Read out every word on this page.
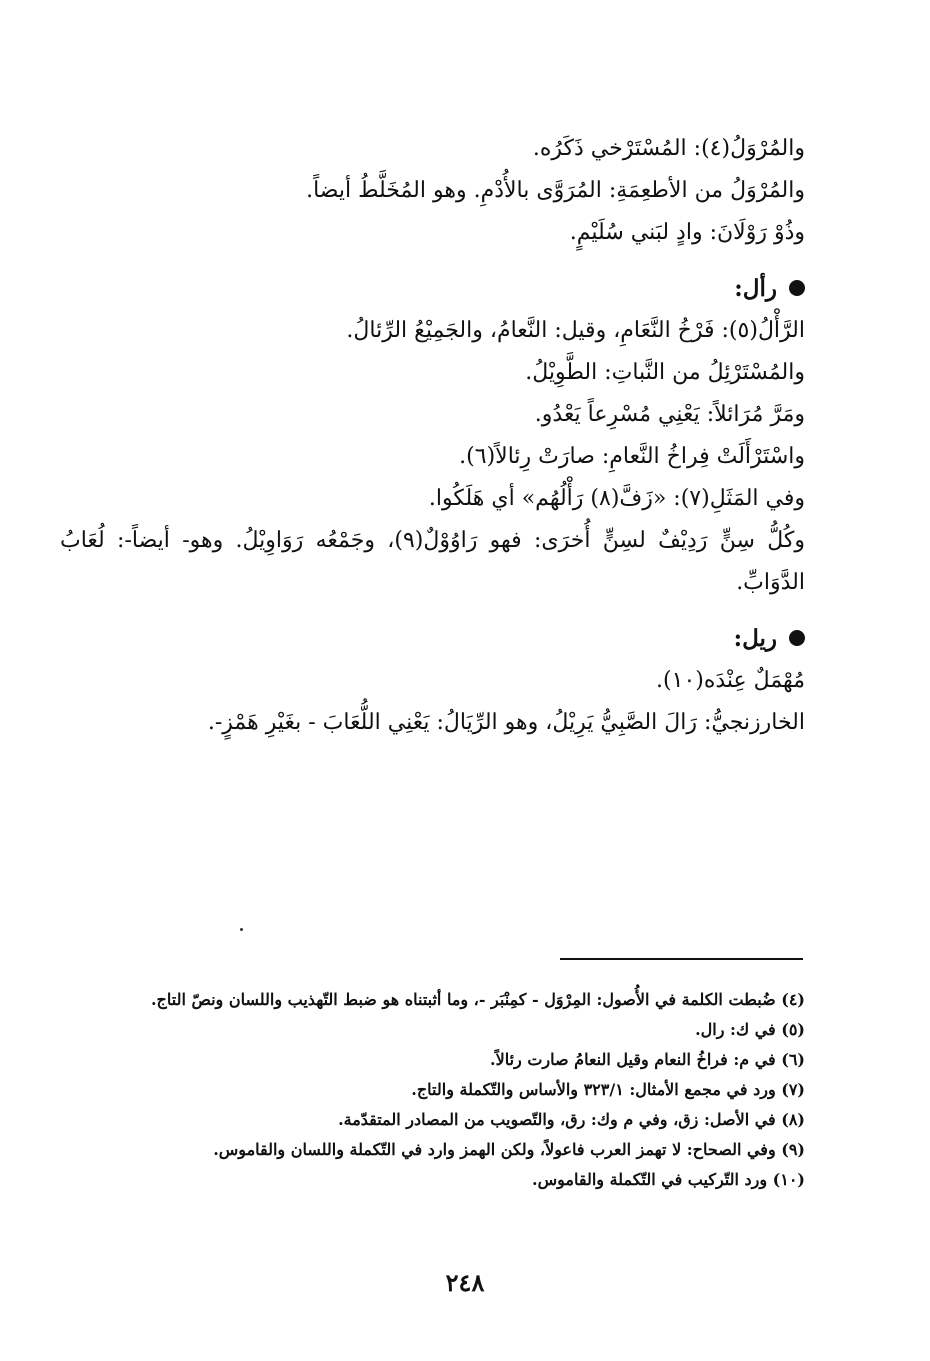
والمُرْوَلُ(٤): المُسْتَرْخي ذَكَرُه.

والمُرْوَلُ من الأطعِمَةِ: المُرَوَّى بالأُدْمِ. وهو المُخَلَّطُ أيضاً.

وذُوْ رَوْلَانَ: وادٍ لبَني سُلَيْمٍ.

رأل:

الرَّأْلُ(٥): فَرْخُ النَّعَامِ، وقيل: النَّعامُ، والجَمِيْعُ الرِّئالُ.

والمُسْتَرْئِلُ من النَّباتِ: الطَّوِيْلُ.

ومَرَّ مُرَائلاً: يَعْنِي مُسْرِعاً يَعْدُو.

واسْتَرْأَلَتْ فِراخُ النَّعامِ: صارَتْ رِئالاً(٦).

وفي المَثَلِ(٧): «زَفَّ(٨) رَأْلُهُم» أي هَلَكُوا.

وكُلُّ سِنٍّ رَدِيْفٌ لسِنٍّ أُخرَى: فهو رَاوُوْلٌ(٩)، وجَمْعُه رَوَاوِيْلُ. وهو- أيضاً-: لُعَابُ الدَّوَابِّ.

ريل:

مُهْمَلٌ عِنْدَه(١٠).

الخارزنجيُّ: رَالَ الصَّبِيُّ يَرِيْلُ، وهو الرِّيَالُ: يَعْنِي اللُّعَابَ - بغَيْرِ هَمْزٍ-.

(٤) ضُبطت الكلمة في الأُصول: المِرْوَل - كمِنْبَر -، وما أثبتناه هو ضبط التّهذيب واللسان ونصّ التاج.

(٥) في ك: رال.

(٦) في م: فراخُ النعام وقيل النعامُ صارت رئالاً.

(٧) ورد في مجمع الأمثال: ٣٢٣/١ والأساس والتّكملة والتاج.

(٨) في الأصل: زق، وفي م وك: رق، والتّصويب من المصادر المتقدّمة.

(٩) وفي الصحاح: لا تهمز العرب فاعولاً، ولكن الهمز وارد في التّكملة واللسان والقاموس.

(١٠) ورد التّركيب في التّكملة والقاموس.

٢٤٨
